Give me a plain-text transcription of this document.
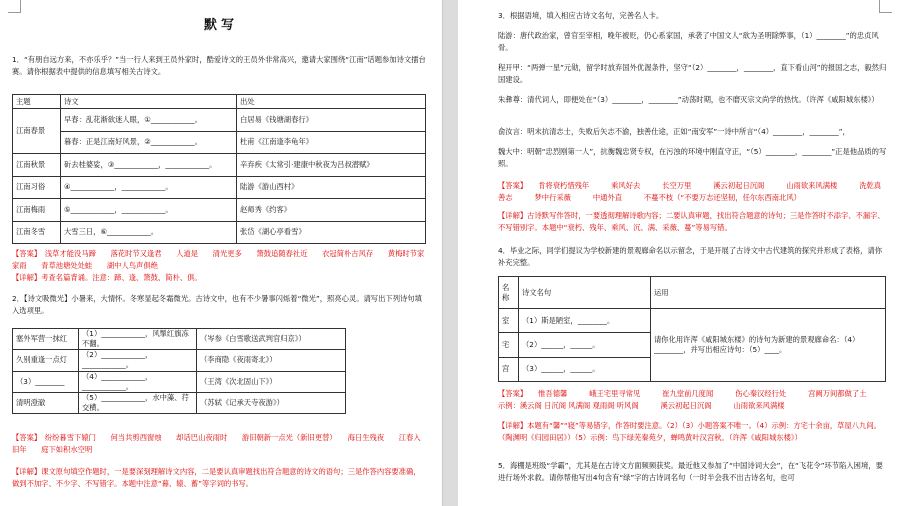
默写

1．“有朋自远方来，不亦乐乎？”当一行人来到王员外家时，酷爱诗文的王员外非常高兴，邀请大家围绕“江南”话题参加诗文擂台赛。请你根据表中提供的信息填写相关古诗文。

主题	诗文	出处
江南春景	早春：乱花渐欲迷人眼，①____________。	白居易《钱塘湖春行》
	暮春：正是江南好风景，②____________。	杜甫《江南逢李龟年》
江南秋景	斫去桂婆娑，③____________，____________。	辛弃疾《太常引·建康中秋夜为吕叔潜赋》
江南习俗	④____________，____________。	陆游《游山西村》
江南梅雨	⑤____________，____________。	赵师秀《约客》
江南冬雪	大雪三日，⑥____________。	张岱《湖心亭看雪》

【答案】　浅草才能没马蹄　　落花时节又逢君　　人道是　　清光更多　　箫鼓追随春社近　　衣冠简朴古风存　　黄梅时节家家雨　　青草池塘处处蛙　　湖中人鸟声俱绝

【详解】考查名篇背诵。注意：蹄、逢、箫鼓、简朴、俱。

2．【诗文吸微光】小暑来，大情怀。冬寒显起冬霜微光。古诗文中，也有不少暑事闪烁着“微光”，照亮心灵。请写出下列诗句填入选项里。

塞外军营一抹红	（1）____________，风掣红旗冻不翻。	（岑参《白雪歌送武判官归京》）
久别重逢一点灯	（2）____________，____________。	（李商隐《夜雨寄北》）
（3）________	（4）____________，____________。	（王湾《次北固山下》）
清明澄澈	（5）____________，水中藻、荇交横。	（苏轼《记承天寺夜游》）

【答案】　纷纷暮雪下辕门　　何当共剪西窗烛　　却话巴山夜雨时　　游旧朝新一点光（新旧更替）　　海日生残夜　　江春入旧年　　庭下如积水空明

【详解】课文原句填空作题时，一是要深刻理解诗文内容，二是要认真审题找出符合题意的诗文的语句；三是作答内容要准确，做到不加字、不少字、不写错字。本题中注意“暮、辕、蓄”等字词的书写。

3．根据语境，填入相应古诗文名句，完善名人卡。

陆游：唐代政治家，曾官至宰相，晚年被贬，仍心系家国，承袭了中国文人“欲为圣明除弊事，（1）________”的忠贞风骨。

程开甲：“两弹一星”元勋，留学时放弃国外优渥条件，坚守“（2）________，________，直下看山河”的报国之志，毅然归国建设。

朱彝尊：清代词人，即便处在“（3）________，________”动荡时期，也不磨灭宗文尚学的热忱。（许浑《咸阳城东楼》）

俞汝言：明末抗清志士，失败后矢志不渝，独善仕途，正如“南安军”一诗中所言“（4）________，________”，

魏大中：明朝“忠烈刚第一人”，抗衡魏忠贤专权，在污浊的环境中刚直守正，“（5）________，________”正是他品质的写照。

【答案】　　肯将衰朽惜残年　　　乘风好去　　　长空万里　　　溪云初起日沉阁　　　山雨欲来风满楼　　　洗乾真善志　　　梦中行采薇　　　中通外直　　　不蔓不枝（“不要万志还坚韧，任尔东西南北风）

【详解】古诗默写作答时，一要透彻理解诗歌内容；二要认真审题，找出符合题意的诗句；三是作答时不添字、不漏字、不写错别字。本题中“衰朽、残年、乘风、沉、满、采薇、蔓”等易写错。

4．毕业之际，同学们提议为学校新建的景观廊命名以示留念，于是开展了古诗文中古代建筑的探究并形成了表格，请你补充完整。

名称	诗文名句	运用
室	（1）斯是陋室，________。	请你化用许浑《咸阳城东楼》的诗句为新建的景观廊命名：（4）________，并写出相应诗句：（5）____。
宅	（2）______，______。	
宫	（3）______，______。	

【答案】　　惟吾德馨　　　峨王宅里寻常见　　　崔九堂前几度闻　　　伤心秦汉经行处　　　宫阙万间都做了土　　　示例：溪云阁 日沉阁 风满阁 观雨阁 听风阁　　　溪云初起日沉阁　　　山雨欲来风满楼

【详解】本题有“馨”“寝”等易错字，作答时要注意。（2）（3）小题答案不唯一。（4）示例：方宅十余亩，草屋八九间。（陶渊明《归园田居》）（5）示例：鸟下绿芜秦苑夕，蝉鸣黄叶汉宫秋。（许浑《咸阳城东楼》）

5．海棚是班级“学霸”，尤其是在古诗文方面频频获奖。最近他又参加了“中国诗词大会”，在“飞花令”环节陷入困境，要进行场外求救。请你帮他写出4句含有“绿”字的古诗词名句（一时半会我不出古诗名句，也可
